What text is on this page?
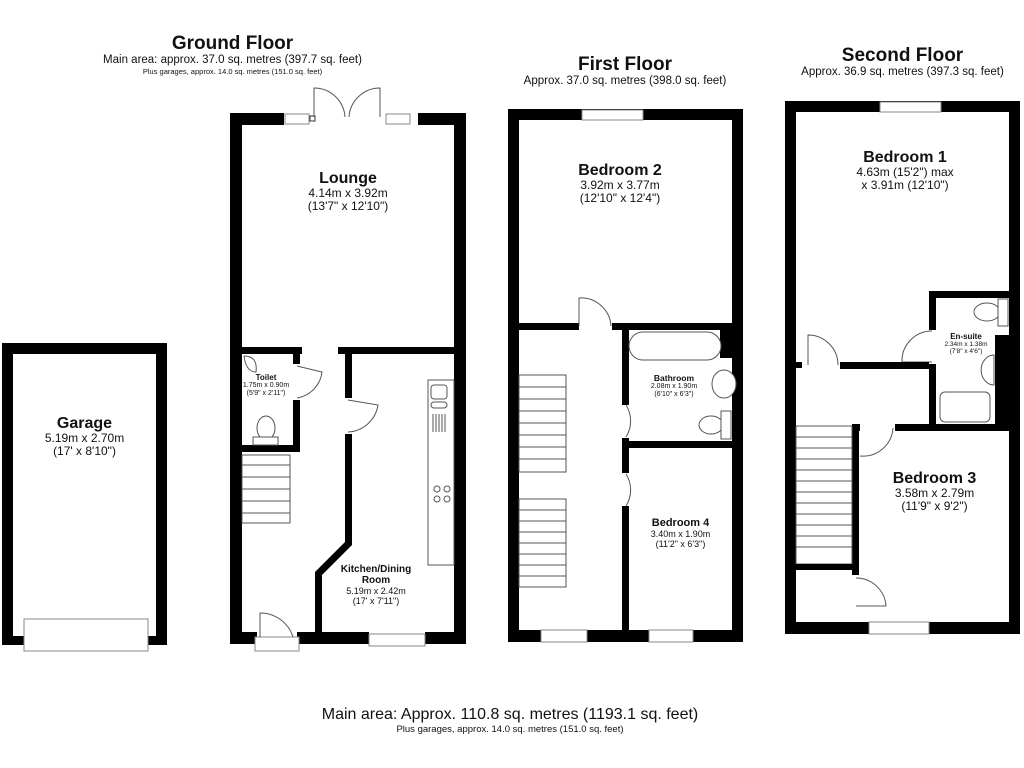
Ground Floor
Main area: approx. 37.0 sq. metres (397.7 sq. feet)
Plus garages, approx. 14.0 sq. metres (151.0 sq. feet)	First Floor
Approx. 37.0 sq. metres (398.0 sq. feet)
Second Floor
Approx. 36.9 sq. metres (397.3 sq. feet)
Lounge
4.14m x 3.92m
(13'7" x 12'10")
Toilet
1.75m x 0.90m
(5'9" x 2'11")
Kitchen/Dining
Room
5.19m x 2.42m
(17' x 7'11")
Garage
5.19m x 2.70m
(17' x 8'10")
Bedroom 2
3.92m x 3.77m
(12'10" x 12'4")
Bathroom
2.08m x 1.90m
(6'10" x 6'3")
Bedroom 4
3.40m x 1.90m
(11'2" x 6'3")
Bedroom 1
4.63m (15'2") max
x 3.91m (12'10")
En-suite
2.34m x 1.38m
(7'8" x 4'6")
Bedroom 3
3.58m x 2.79m
(11'9" x 9'2")
Main area: Approx. 110.8 sq. metres (1193.1 sq. feet)
Plus garages, approx. 14.0 sq. metres (151.0 sq. feet)
